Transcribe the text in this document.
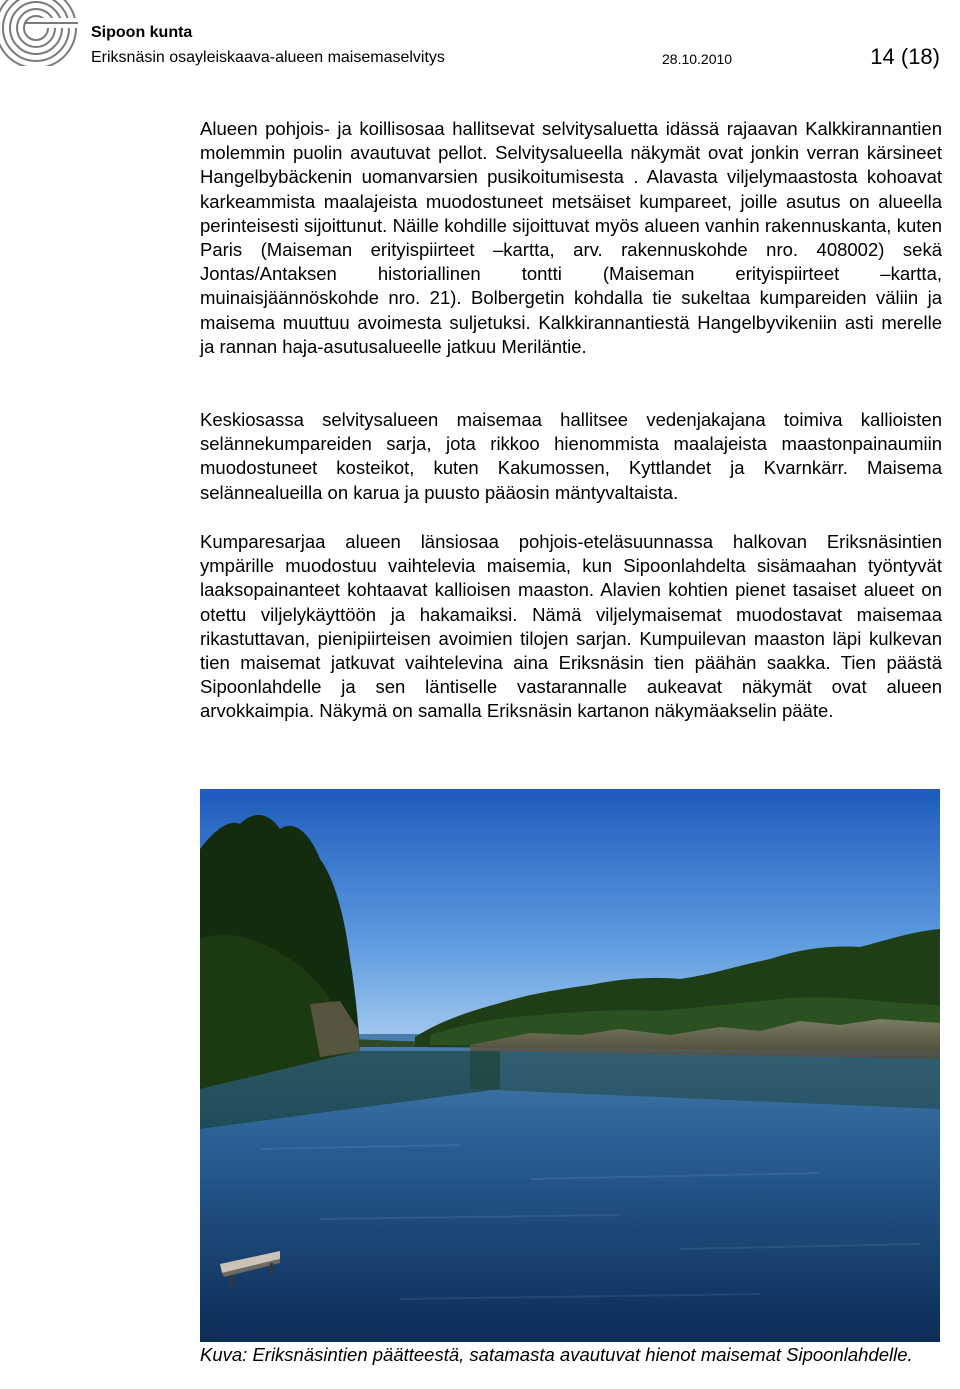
Sipoon kunta
Eriksnäsin osayleiskaava-alueen maisemaselvitys	28.10.2010	14 (18)
Alueen pohjois- ja koillisosaa hallitsevat selvitysaluetta idässä rajaavan Kalkkirannantien molemmin puolin avautuvat pellot. Selvitysalueella näkymät ovat jonkin verran kärsineet Hangelbybäckenin uomanvarsien pusikoitumisesta . Alavasta viljelymaastosta kohoavat karkeammista maalajeista muodostuneet metsäiset kumpareet, joille asutus on alueella perinteisesti sijoittunut. Näille kohdille sijoittuvat myös alueen vanhin rakennuskanta, kuten Paris (Maiseman erityispiirteet –kartta, arv. rakennuskohde nro. 408002) sekä Jontas/Antaksen historiallinen tontti (Maiseman erityispiirteet –kartta, muinaisjäännöskohde nro. 21). Bolbergetin kohdalla tie sukeltaa kumpareiden väliin ja maisema muuttuu avoimesta suljetuksi. Kalkkirannantiestä Hangelbyvikeniin asti merelle ja rannan haja-asutusalueelle jatkuu Meriläntie.
Keskiosassa selvitysalueen maisemaa hallitsee vedenjakajana toimiva kallioisten selännekumpareiden sarja, jota rikkoo hienommista maalajeista maastonpainaumiin muodostuneet kosteikot, kuten Kakumossen, Kyttlandet ja Kvarnkärr. Maisema selännealueilla on karua ja puusto pääosin mäntyvaltaista.
Kumparesarjaa alueen länsiosaa pohjois-eteläsuunnassa halkovan Eriksnäsintien ympärille muodostuu vaihtelevia maisemia, kun Sipoonlahdelta sisämaahan työntyvät laaksopainanteet kohtaavat kallioisen maaston. Alavien kohtien pienet tasaiset alueet on otettu viljelykäyttöön ja hakamaiksi. Nämä viljelymaisemat muodostavat maisemaa rikastuttavan, pienipiirteisen avoimien tilojen sarjan. Kumpuilevan maaston läpi kulkevan tien maisemat jatkuvat vaihtelevina aina Eriksnäsin tien päähän saakka. Tien päästä Sipoonlahdelle ja sen läntiselle vastarannalle aukeavat näkymät ovat alueen arvokkaimpia. Näkymä on samalla Eriksnäsin kartanon näkymäakselin pääte.
Kuva: Eriksnäsintien päätteestä, satamasta avautuvat hienot maisemat Sipoonlahdelle.
